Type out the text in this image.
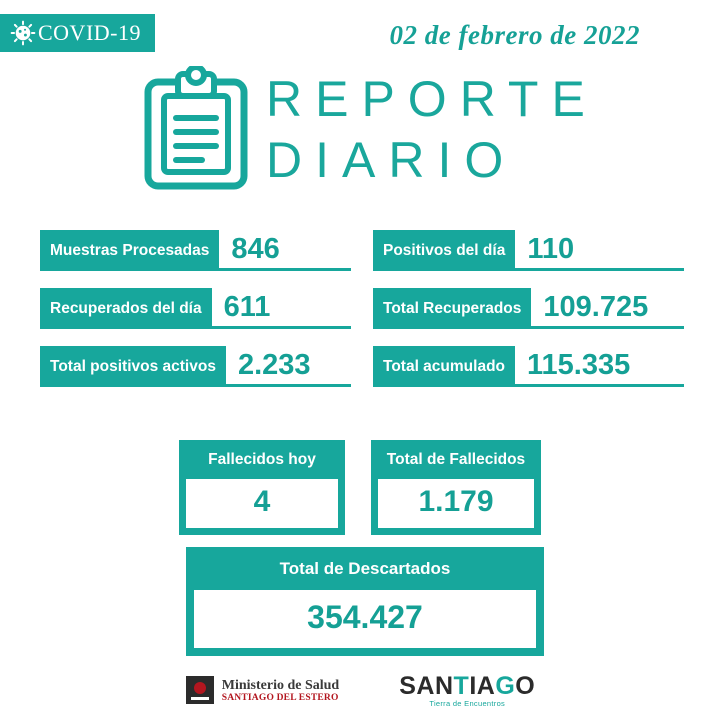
COVID-19	02 de febrero de 2022
REPORTE
DIARIO
Muestras Procesadas 846	Positivos del día 110
Recuperados del día 611	Total Recuperados 109.725
Total positivos activos 2.233	Total acumulado 115.335
Fallecidos hoy
4
Total de Fallecidos
1.179
Total de Descartados
354.427
Ministerio de Salud
SANTIAGO DEL ESTERO SANTIAGO
Tierra de Encuentros
